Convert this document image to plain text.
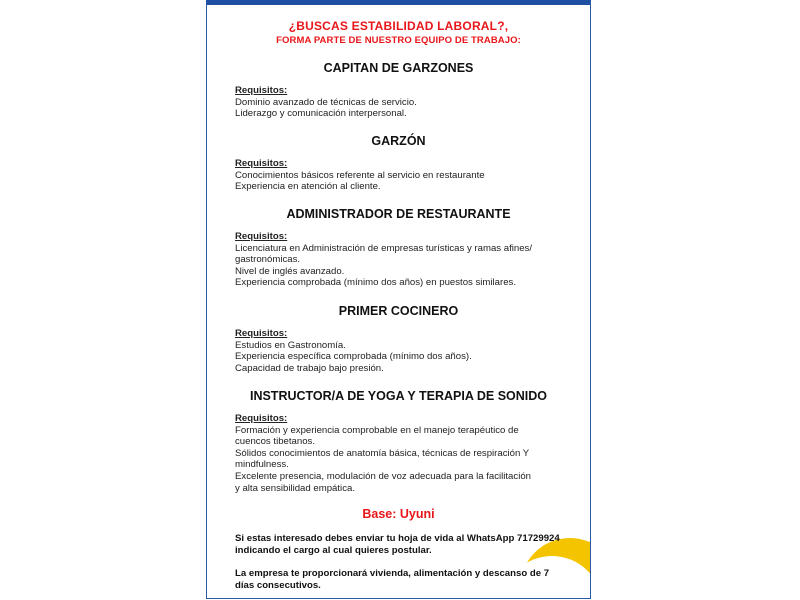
¿BUSCAS ESTABILIDAD LABORAL?,
FORMA PARTE DE NUESTRO EQUIPO DE TRABAJO:
CAPITAN DE GARZONES
Requisitos:
Dominio avanzado de técnicas de servicio.
Liderazgo y comunicación interpersonal.
GARZÓN
Requisitos:
Conocimientos básicos referente al servicio en restaurante
Experiencia en atención al cliente.
ADMINISTRADOR DE RESTAURANTE
Requisitos:
Licenciatura en Administración de empresas turísticas y ramas afines/
gastronómicas.
Nivel de inglés avanzado.
Experiencia comprobada (mínimo dos años) en puestos similares.
PRIMER COCINERO
Requisitos:
Estudios en Gastronomía.
Experiencia específica comprobada (mínimo dos años).
Capacidad de trabajo bajo presión.
INSTRUCTOR/A DE YOGA Y TERAPIA DE SONIDO
Requisitos:
Formación y experiencia comprobable en el manejo terapéutico de
cuencos tibetanos.
Sólidos conocimientos de anatomía básica, técnicas de respiración Y
mindfulness.
Excelente presencia, modulación de voz adecuada para la facilitación
y alta sensibilidad empática.
Base: Uyuni
Si estas interesado debes enviar tu hoja de vida al WhatsApp 71729924
indicando el cargo al cual quieres postular.
La empresa te proporcionará vivienda, alimentación y descanso de 7
días consecutivos.
